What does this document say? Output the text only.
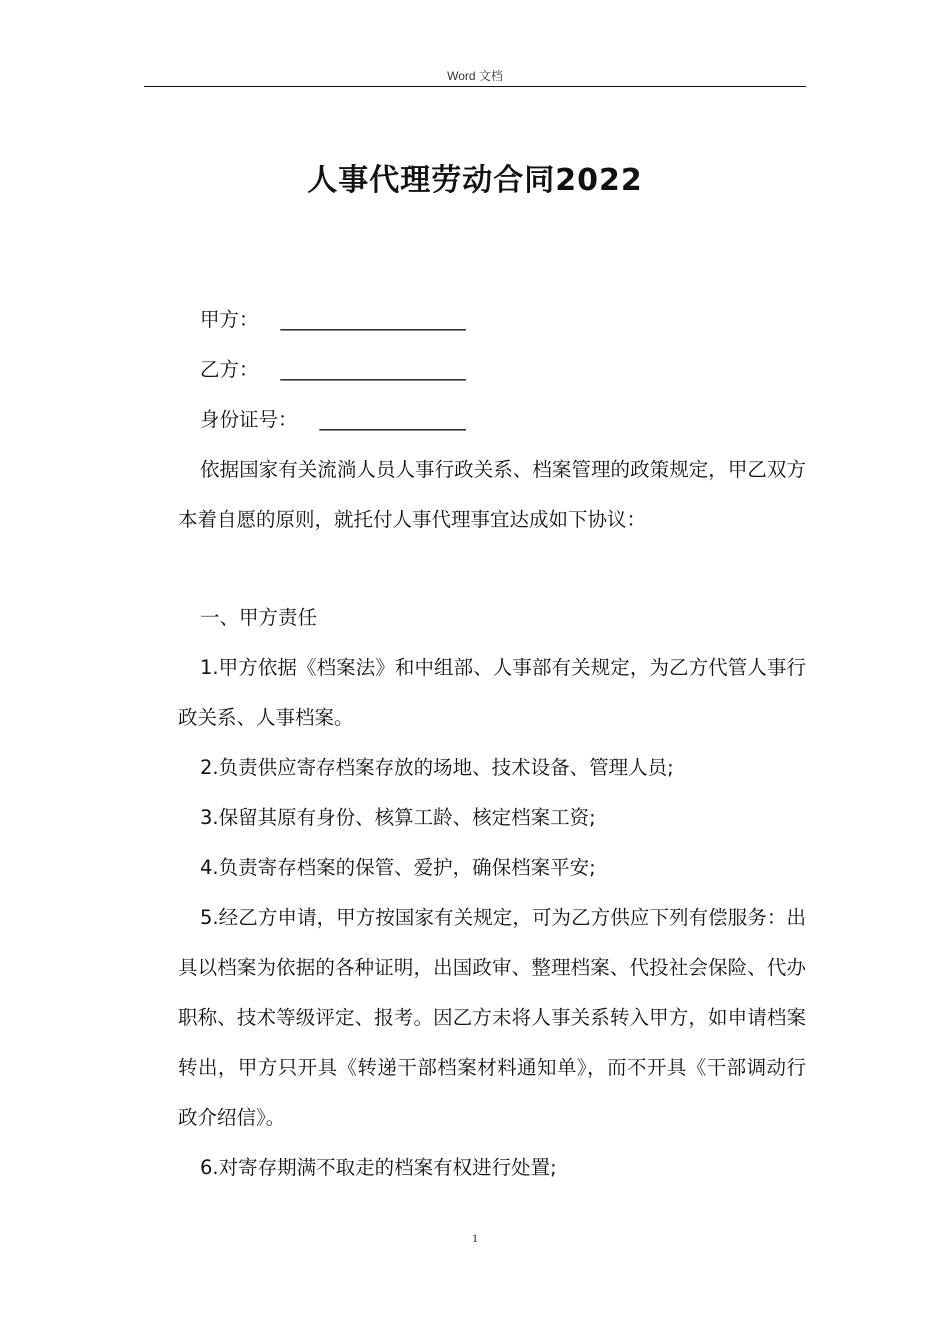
Word 文档
人事代理劳动合同2022

甲方： ___________________

乙方： ___________________

身份证号： _______________

依据国家有关流淌人员人事行政关系、档案管理的政策规定，甲乙双方本着自愿的原则，就托付人事代理事宜达成如下协议：

一、甲方责任

1.甲方依据《档案法》和中组部、人事部有关规定，为乙方代管人事行政关系、人事档案。

2.负责供应寄存档案存放的场地、技术设备、管理人员;

3.保留其原有身份、核算工龄、核定档案工资;

4.负责寄存档案的保管、爱护，确保档案平安;

5.经乙方申请，甲方按国家有关规定，可为乙方供应下列有偿服务：出具以档案为依据的各种证明，出国政审、整理档案、代投社会保险、代办职称、技术等级评定、报考。因乙方未将人事关系转入甲方，如申请档案转出，甲方只开具《转递干部档案材料通知单》，而不开具《干部调动行政介绍信》。

6.对寄存期满不取走的档案有权进行处置;

1
